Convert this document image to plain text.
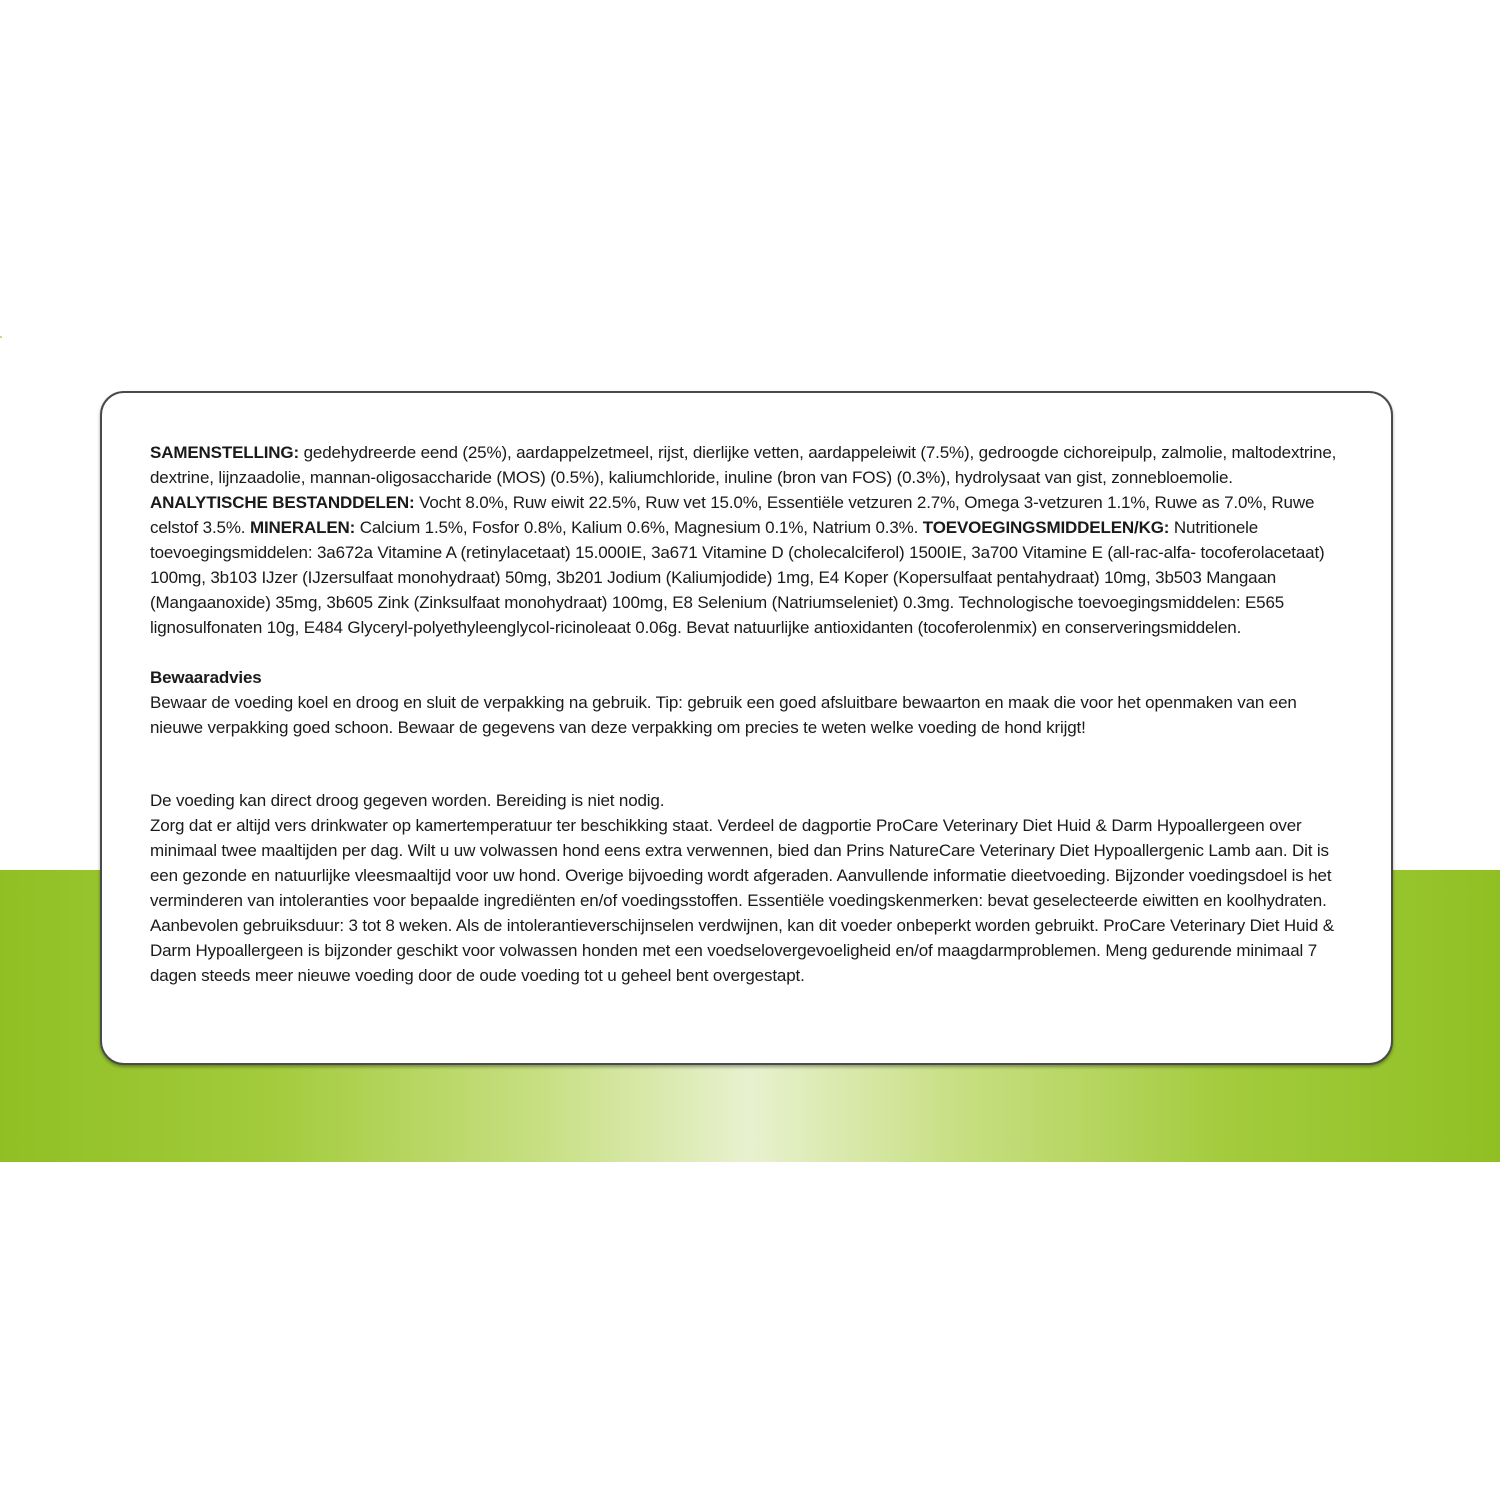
SAMENSTELLING: gedehydreerde eend (25%), aardappelzetmeel, rijst, dierlijke vetten, aardappeleiwit (7.5%), gedroogde cichoreipulp, zalmolie, maltodextrine, dextrine, lijnzaadolie, mannan-oligosaccharide (MOS) (0.5%), kaliumchloride, inuline (bron van FOS) (0.3%), hydrolysaat van gist, zonnebloemolie. ANALYTISCHE BESTANDDELEN: Vocht 8.0%, Ruw eiwit 22.5%, Ruw vet 15.0%, Essentiële vetzuren 2.7%, Omega 3-vetzuren 1.1%, Ruwe as 7.0%, Ruwe celstof 3.5%. MINERALEN: Calcium 1.5%, Fosfor 0.8%, Kalium 0.6%, Magnesium 0.1%, Natrium 0.3%. TOEVOEGINGSMIDDELEN/KG: Nutritionele toevoegingsmiddelen: 3a672a Vitamine A (retinylacetaat) 15.000IE, 3a671 Vitamine D (cholecalciferol) 1500IE, 3a700 Vitamine E (all-rac-alfa- tocoferolacetaat) 100mg, 3b103 IJzer (IJzersulfaat monohydraat) 50mg, 3b201 Jodium (Kaliumjodide) 1mg, E4 Koper (Kopersulfaat pentahydraat) 10mg, 3b503 Mangaan (Mangaanoxide) 35mg, 3b605 Zink (Zinksulfaat monohydraat) 100mg, E8 Selenium (Natriumseleniet) 0.3mg. Technologische toevoegingsmiddelen: E565 lignosulfonaten 10g, E484 Glyceryl-polyethyleenglycol-ricinoleaat 0.06g. Bevat natuurlijke antioxidanten (tocoferolenmix) en conserveringsmiddelen.

Bewaaradvies

Bewaar de voeding koel en droog en sluit de verpakking na gebruik. Tip: gebruik een goed afsluitbare bewaarton en maak die voor het openmaken van een nieuwe verpakking goed schoon. Bewaar de gegevens van deze verpakking om precies te weten welke voeding de hond krijgt!

De voeding kan direct droog gegeven worden. Bereiding is niet nodig.

Zorg dat er altijd vers drinkwater op kamertemperatuur ter beschikking staat. Verdeel de dagportie ProCare Veterinary Diet Huid & Darm Hypoallergeen over minimaal twee maaltijden per dag. Wilt u uw volwassen hond eens extra verwennen, bied dan Prins NatureCare Veterinary Diet Hypoallergenic Lamb aan. Dit is een gezonde en natuurlijke vleesmaaltijd voor uw hond. Overige bijvoeding wordt afgeraden. Aanvullende informatie dieetvoeding. Bijzonder voedingsdoel is het verminderen van intoleranties voor bepaalde ingrediënten en/of voedingsstoffen. Essentiële voedingskenmerken: bevat geselecteerde eiwitten en koolhydraten. Aanbevolen gebruiksduur: 3 tot 8 weken. Als de intolerantieverschijnselen verdwijnen, kan dit voeder onbeperkt worden gebruikt. ProCare Veterinary Diet Huid & Darm Hypoallergeen is bijzonder geschikt voor volwassen honden met een voedselovergevoeligheid en/of maagdarmproblemen. Meng gedurende minimaal 7 dagen steeds meer nieuwe voeding door de oude voeding tot u geheel bent overgestapt.
